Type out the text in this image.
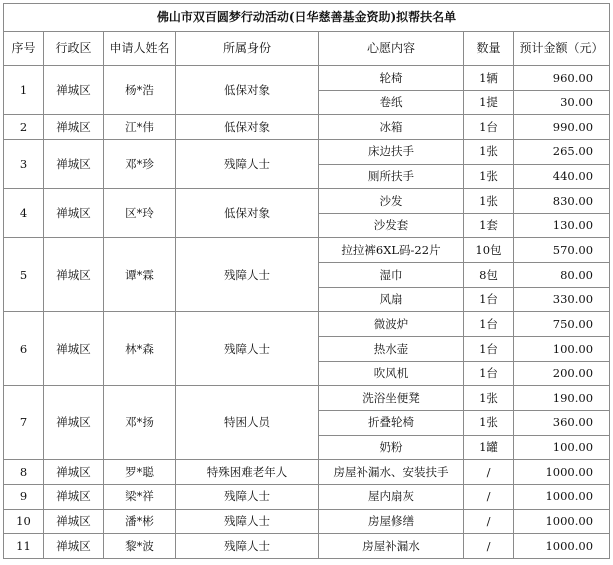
佛山市双百圆梦行动活动(日华慈善基金资助)拟帮扶名单						
序号	行政区	申请人姓名	所属身份	心愿内容	数量	预计金额（元）
1	禅城区	杨*浩	低保对象	轮椅	1辆	960.00
				卷纸	1提	30.00
2	禅城区	江*伟	低保对象	冰箱	1台	990.00
3	禅城区	邓*珍	残障人士	床边扶手	1张	265.00
				厕所扶手	1张	440.00
4	禅城区	区*玲	低保对象	沙发	1张	830.00
				沙发套	1套	130.00
5	禅城区	谭*霖	残障人士	拉拉裤6XL码-22片	10包	570.00
				湿巾	8包	80.00
				风扇	1台	330.00
6	禅城区	林*森	残障人士	微波炉	1台	750.00
				热水壶	1台	100.00
				吹风机	1台	200.00
7	禅城区	邓*扬	特困人员	洗浴坐便凳	1张	190.00
				折叠轮椅	1张	360.00
				奶粉	1罐	100.00
8	禅城区	罗*聪	特殊困难老年人	房屋补漏水、安装扶手	/	1000.00
9	禅城区	梁*祥	残障人士	屋内扇灰	/	1000.00
10	禅城区	潘*彬	残障人士	房屋修缮	/	1000.00
11	禅城区	黎*波	残障人士	房屋补漏水	/	1000.00
